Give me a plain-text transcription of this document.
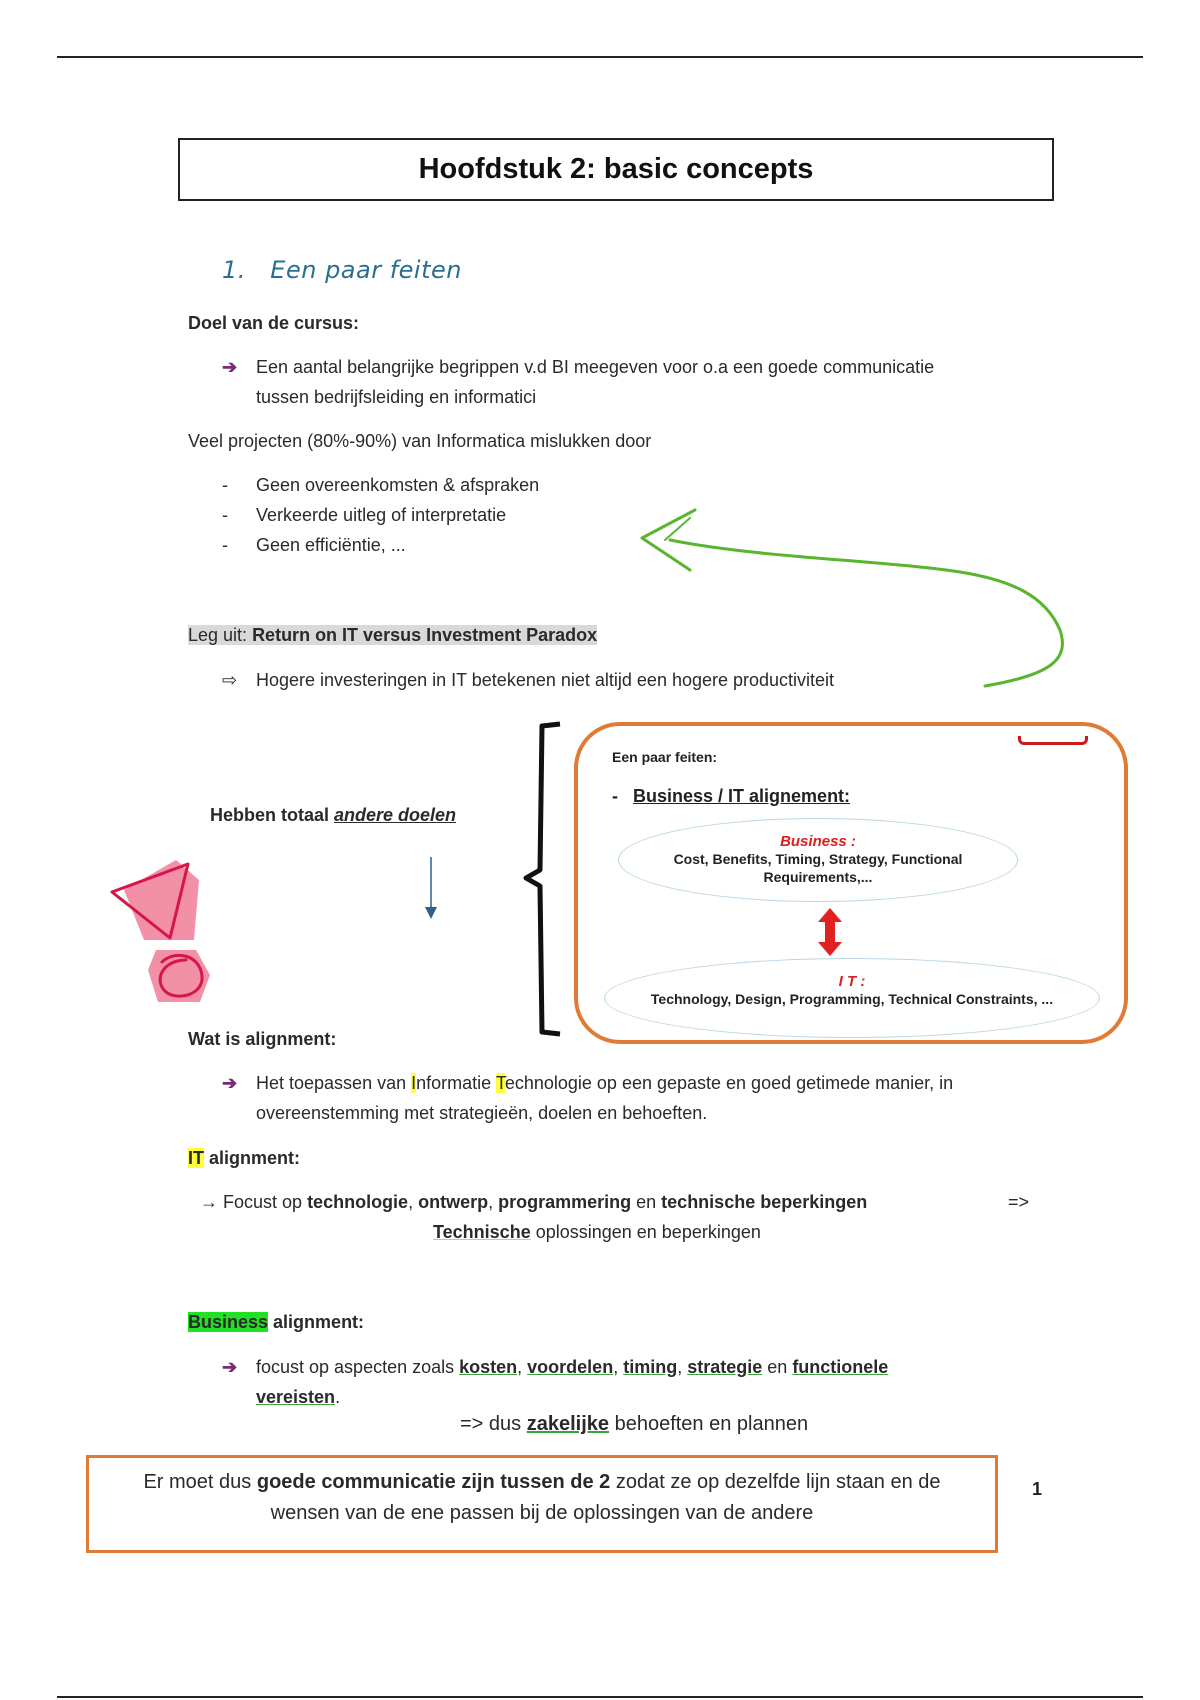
Hoofdstuk 2: basic concepts
1. Een paar feiten
Doel van de cursus:
➔ Een aantal belangrijke begrippen v.d BI meegeven voor o.a een goede communicatie
tussen bedrijfsleiding en informatici
Veel projecten (80%-90%) van Informatica mislukken door
- Geen overeenkomsten & afspraken
- Verkeerde uitleg of interpretatie
- Geen efficiëntie, ...
Leg uit: Return on IT versus Investment Paradox
⇨ Hogere investeringen in IT betekenen niet altijd een hogere productiviteit
Hebben totaal andere doelen
Een paar feiten:
-   Business / IT alignement:
Business :
Cost, Benefits, Timing, Strategy, Functional
Requirements,...
I T :
Technology, Design, Programming, Technical Constraints, ...
Wat is alignment:
➔ Het toepassen van Informatie Technologie op een gepaste en goed getimede manier, in
overeenstemming met strategieën, doelen en behoeften.
IT alignment:
→ Focust op technologie, ontwerp, programmering en technische beperkingen	=>
Technische oplossingen en beperkingen
Business alignment:
➔ focust op aspecten zoals kosten, voordelen, timing, strategie en functionele
vereisten.
=> dus zakelijke behoeften en plannen
Er moet dus goede communicatie zijn tussen de 2 zodat ze op dezelfde lijn staan en de
wensen van de ene passen bij de oplossingen van de andere
1
